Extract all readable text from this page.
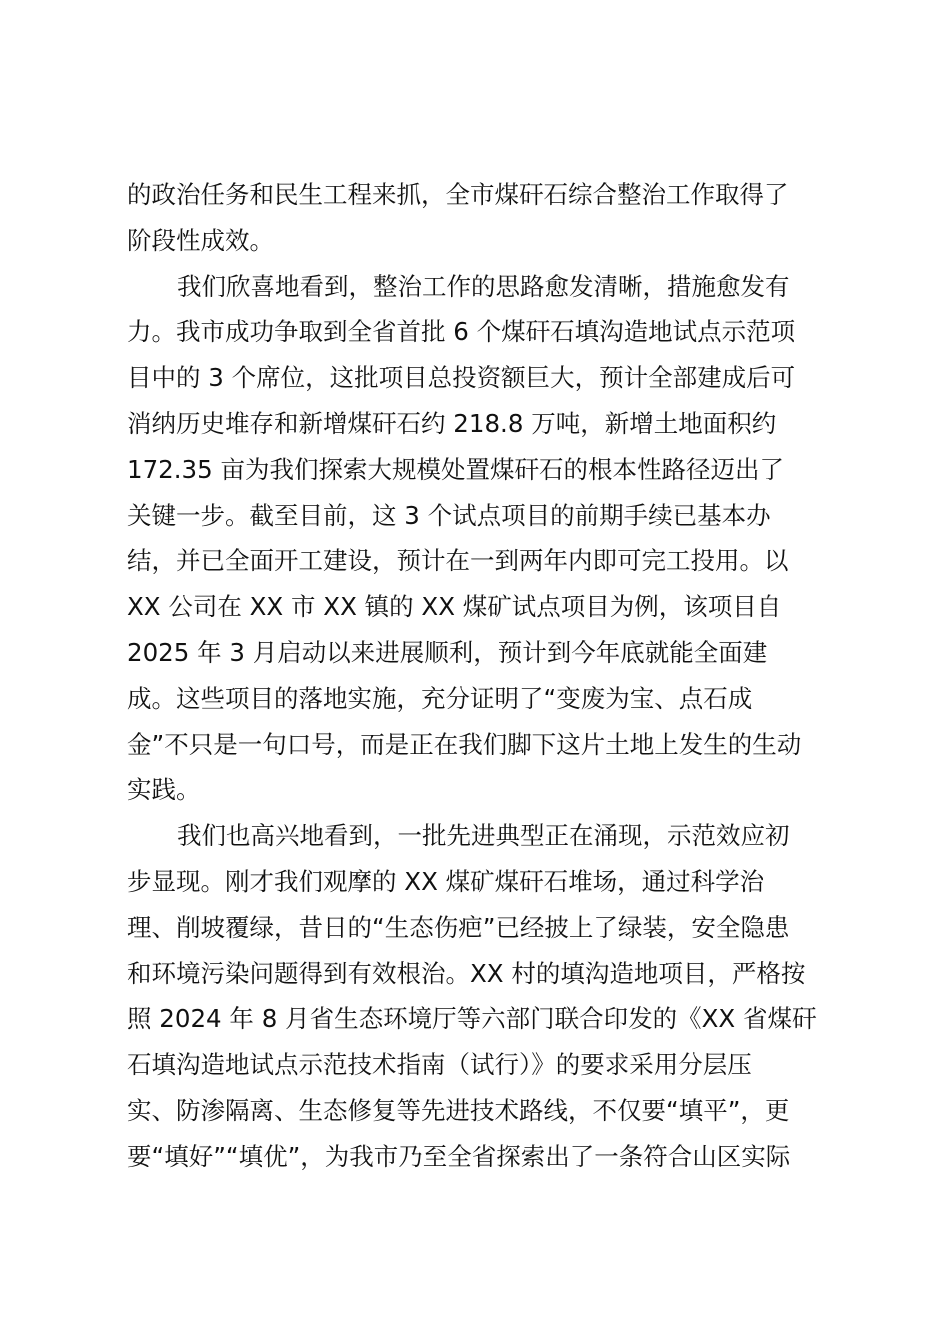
的政治任务和民生工程来抓，全市煤矸石综合整治工作取得了
阶段性成效。
我们欣喜地看到，整治工作的思路愈发清晰，措施愈发有
力。我市成功争取到全省首批 6 个煤矸石填沟造地试点示范项
目中的 3 个席位，这批项目总投资额巨大，预计全部建成后可
消纳历史堆存和新增煤矸石约 218.8 万吨，新增土地面积约
172.35 亩为我们探索大规模处置煤矸石的根本性路径迈出了
关键一步。截至目前，这 3 个试点项目的前期手续已基本办
结，并已全面开工建设，预计在一到两年内即可完工投用。以
XX 公司在 XX 市 XX 镇的 XX 煤矿试点项目为例，该项目自
2025 年 3 月启动以来进展顺利，预计到今年底就能全面建
成。这些项目的落地实施，充分证明了“变废为宝、点石成
金”不只是一句口号，而是正在我们脚下这片土地上发生的生动
实践。
我们也高兴地看到，一批先进典型正在涌现，示范效应初
步显现。刚才我们观摩的 XX 煤矿煤矸石堆场，通过科学治
理、削坡覆绿，昔日的“生态伤疤”已经披上了绿装，安全隐患
和环境污染问题得到有效根治。XX 村的填沟造地项目，严格按
照 2024 年 8 月省生态环境厅等六部门联合印发的《XX 省煤矸
石填沟造地试点示范技术指南（试行）》的要求采用分层压
实、防渗隔离、生态修复等先进技术路线，不仅要“填平”，更
要“填好”“填优”，为我市乃至全省探索出了一条符合山区实际
